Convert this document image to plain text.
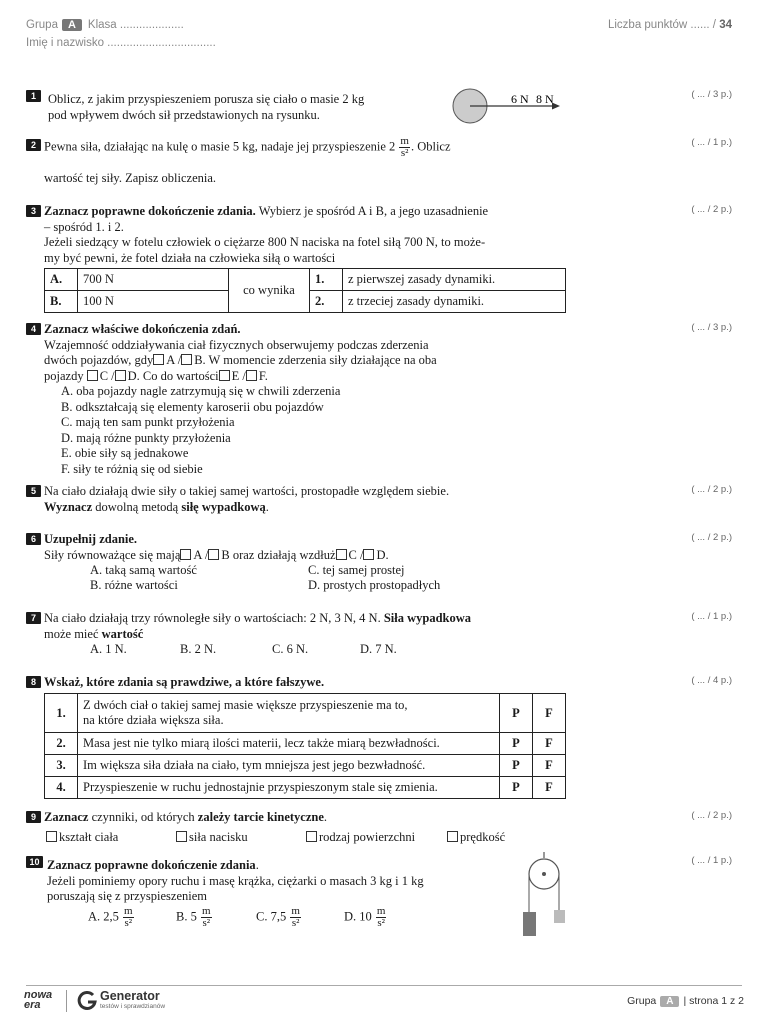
Grupa A Klasa ....................
Imię i nazwisko ..................................
Liczba punktów ...... / 34
1	( ... / 3 p.)
Oblicz, z jakim przyspieszeniem porusza się ciało o masie 2 kg
pod wpływem dwóch sił przedstawionych na rysunku.
6 N 8 N
2	( ... / 1 p.)
Pewna siła, działając na kulę o masie 5 kg, nadaje jej przyspieszenie $2 \frac{m}{\text{s²}}$ . Oblicz
wartość tej siły. Zapisz obliczenia.
3	( ... / 2 p.)
Zaznacz poprawne dokończenie zdania. Wybierz je spośród A i B, a jego uzasadnienie
– spośród 1. i 2.
Jeżeli siedzący w fotelu człowiek o ciężarze 800 N naciska na fotel siłą 700 N, to może-
my być pewni, że fotel działa na człowieka siłą o wartości
A.	700 N	co wynika	1.	z pierwszej zasady dynamiki.
B.	100 N		2.	z trzeciej zasady dynamiki.
4	( ... / 3 p.)
Zaznacz właściwe dokończenia zdań.
Wzajemność oddziaływania ciał fizycznych obserwujemy podczas zderzenia
dwóch pojazdów, gdy A / B. W momencie zderzenia siły działające na oba
pojazdy C / D. Co do wartości E / F.
A. oba pojazdy nagle zatrzymują się w chwili zderzenia
B. odkształcają się elementy karoserii obu pojazdów
C. mają ten sam punkt przyłożenia
D. mają różne punkty przyłożenia
E. obie siły są jednakowe
F. siły te różnią się od siebie
5	( ... / 2 p.)
Na ciało działają dwie siły o takiej samej wartości, prostopadłe względem siebie.
Wyznacz dowolną metodą siłę wypadkową.
6	( ... / 2 p.)
Uzupełnij zdanie.
Siły równoważące się mają A / B oraz działają wzdłuż C / D.
A. taką samą wartość
B. różne wartości
C. tej samej prostej
D. prostych prostopadłych
7	( ... / 1 p.)
Na ciało działają trzy równoległe siły o wartościach: 2 N, 3 N, 4 N. Siła wypadkowa
może mieć wartość
A. 1 N.	B. 2 N.	C. 6 N.	D. 7 N.
8	( ... / 4 p.)
Wskaż, które zdania są prawdziwe, a które fałszywe.
1.	Z dwóch ciał o takiej samej masie większe przyspieszenie ma to,
na które działa większa siła.	P	F
2.	Masa jest nie tylko miarą ilości materii, lecz także miarą bezwładności.	P	F
3.	Im większa siła działa na ciało, tym mniejsza jest jego bezwładność.	P	F
4.	Przyspieszenie w ruchu jednostajnie przyspieszonym stale się zmienia.	P	F
9	( ... / 2 p.)
Zaznacz czynniki, od których zależy tarcie kinetyczne.
kształt ciała	siła nacisku	rodzaj powierzchni	prędkość
10	( ... / 1 p.)
Zaznacz poprawne dokończenie zdania.
Jeżeli pominiemy opory ruchu i masę krążka, ciężarki o masach 3 kg i 1 kg
poruszają się z przyspieszeniem
A. $2,5 \frac{m}{\text{s²}}$	B. $5 \frac{m}{\text{s²}}$	C. $7,5 \frac{m}{\text{s²}}$	D. $10 \frac{m}{\text{s²}}$
nowa
era
Generator
testów i sprawdzianów	Grupa A | strona 1 z 2
